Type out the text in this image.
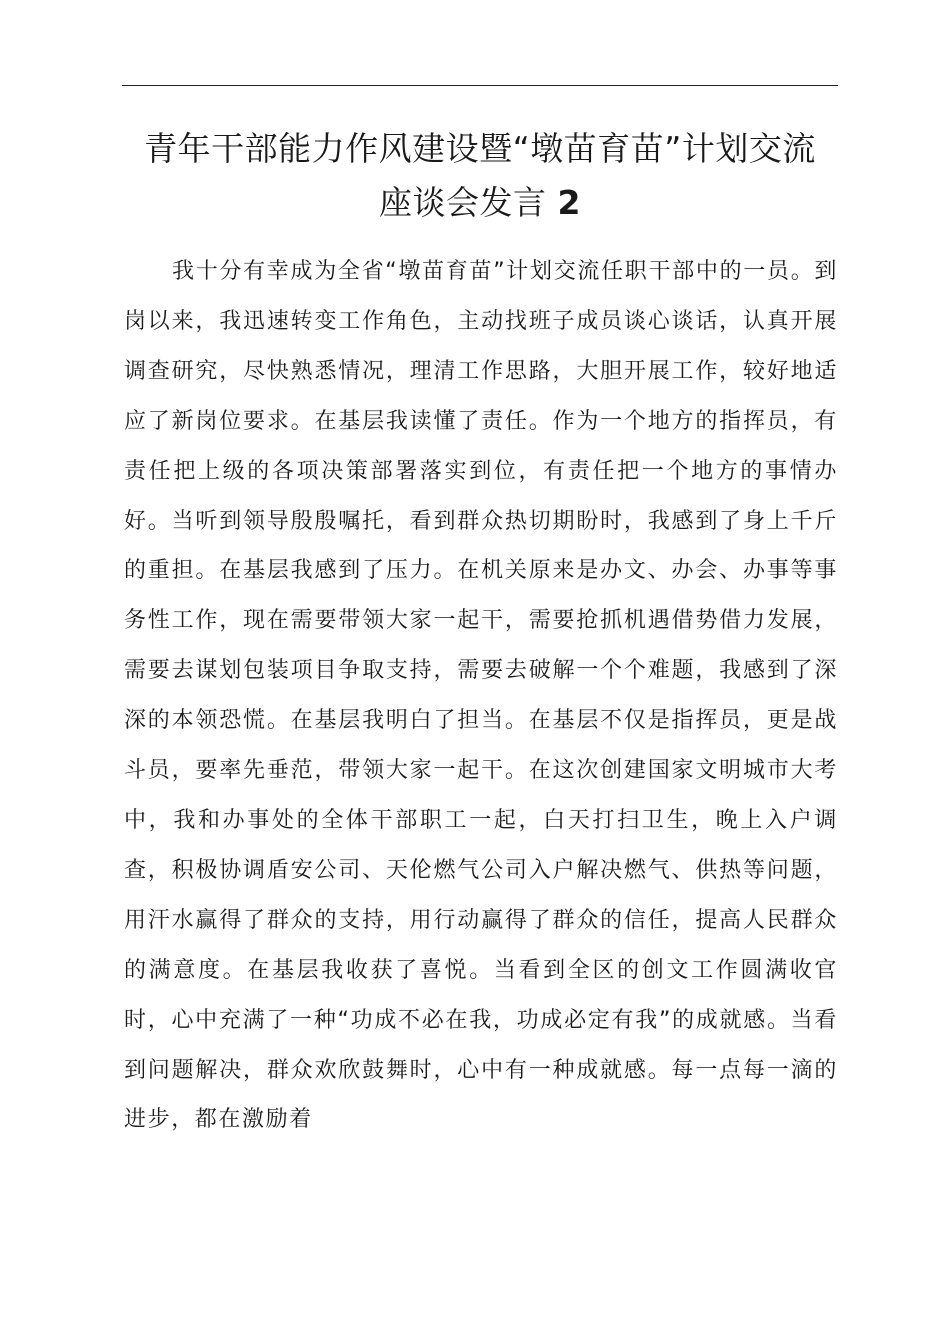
青年干部能力作风建设暨“墩苗育苗”计划交流
座谈会发言 2

我十分有幸成为全省“墩苗育苗”计划交流任职干部中的一员。到岗以来，我迅速转变工作角色，主动找班子成员谈心谈话，认真开展调查研究，尽快熟悉情况，理清工作思路，大胆开展工作，较好地适应了新岗位要求。在基层我读懂了责任。作为一个地方的指挥员，有责任把上级的各项决策部署落实到位，有责任把一个地方的事情办好。当听到领导殷殷嘱托，看到群众热切期盼时，我感到了身上千斤的重担。在基层我感到了压力。在机关原来是办文、办会、办事等事务性工作，现在需要带领大家一起干，需要抢抓机遇借势借力发展，需要去谋划包装项目争取支持，需要去破解一个个难题，我感到了深深的本领恐慌。在基层我明白了担当。在基层不仅是指挥员，更是战斗员，要率先垂范，带领大家一起干。在这次创建国家文明城市大考中，我和办事处的全体干部职工一起，白天打扫卫生，晚上入户调查，积极协调盾安公司、天伦燃气公司入户解决燃气、供热等问题，用汗水赢得了群众的支持，用行动赢得了群众的信任，提高人民群众的满意度。在基层我收获了喜悦。当看到全区的创文工作圆满收官时，心中充满了一种“功成不必在我，功成必定有我”的成就感。当看到问题解决，群众欢欣鼓舞时，心中有一种成就感。每一点每一滴的进步，都在激励着
